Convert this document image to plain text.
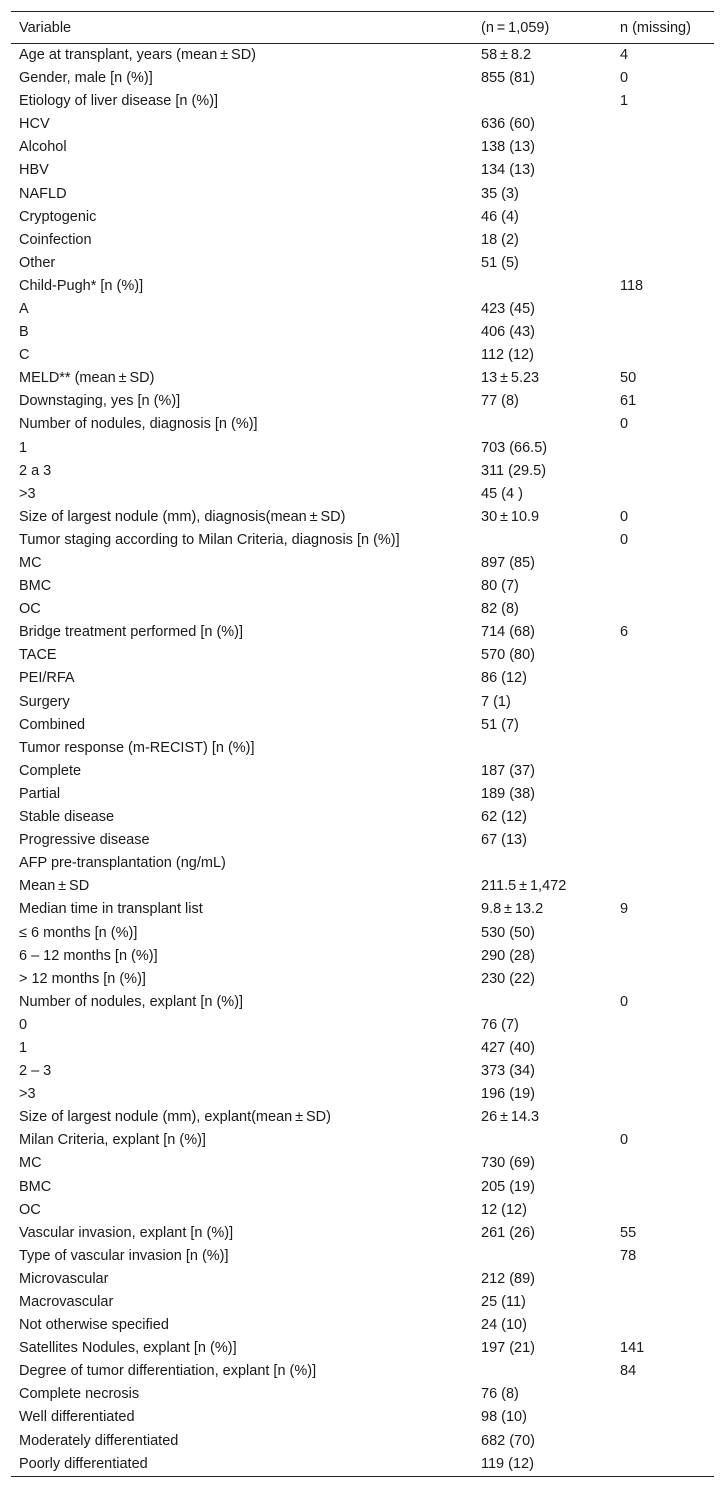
Variable	(n = 1,059)	n (missing)
Age at transplant, years (mean ± SD)	58 ± 8.2	4
Gender, male [n (%)]	855 (81)	0
Etiology of liver disease [n (%)]		1
HCV	636 (60)	
Alcohol	138 (13)	
HBV	134 (13)	
NAFLD	35 (3)	
Cryptogenic	46 (4)	
Coinfection	18 (2)	
Other	51 (5)	
Child-Pugh* [n (%)]		118
A	423 (45)	
B	406 (43)	
C	112 (12)	
MELD** (mean ± SD)	13 ± 5.23	50
Downstaging, yes [n (%)]	77 (8)	61
Number of nodules, diagnosis [n (%)]		0
1	703 (66.5)	
2 a 3	311 (29.5)	
>3	45 (4 )	
Size of largest nodule (mm), diagnosis(mean ± SD)	30 ± 10.9	0
Tumor staging according to Milan Criteria, diagnosis [n (%)]		0
MC	897 (85)	
BMC	80 (7)	
OC	82 (8)	
Bridge treatment performed [n (%)]	714 (68)	6
TACE	570 (80)	
PEI/RFA	86 (12)	
Surgery	7 (1)	
Combined	51 (7)	
Tumor response (m-RECIST) [n (%)]		
Complete	187 (37)	
Partial	189 (38)	
Stable disease	62 (12)	
Progressive disease	67 (13)	
AFP pre-transplantation (ng/mL)		
Mean ± SD	211.5 ± 1,472	
Median time in transplant list	9.8 ± 13.2	9
≤ 6 months [n (%)]	530 (50)	
6 – 12 months [n (%)]	290 (28)	
> 12 months [n (%)]	230 (22)	
Number of nodules, explant [n (%)]		0
0	76 (7)	
1	427 (40)	
2 – 3	373 (34)	
>3	196 (19)	
Size of largest nodule (mm), explant(mean ± SD)	26 ± 14.3	
Milan Criteria, explant [n (%)]		0
MC	730 (69)	
BMC	205 (19)	
OC	12 (12)	
Vascular invasion, explant [n (%)]	261 (26)	55
Type of vascular invasion [n (%)]		78
Microvascular	212 (89)	
Macrovascular	25 (11)	
Not otherwise specified	24 (10)	
Satellites Nodules, explant [n (%)]	197 (21)	141
Degree of tumor differentiation, explant [n (%)]		84
Complete necrosis	76 (8)	
Well differentiated	98 (10)	
Moderately differentiated	682 (70)	
Poorly differentiated	119 (12)	
